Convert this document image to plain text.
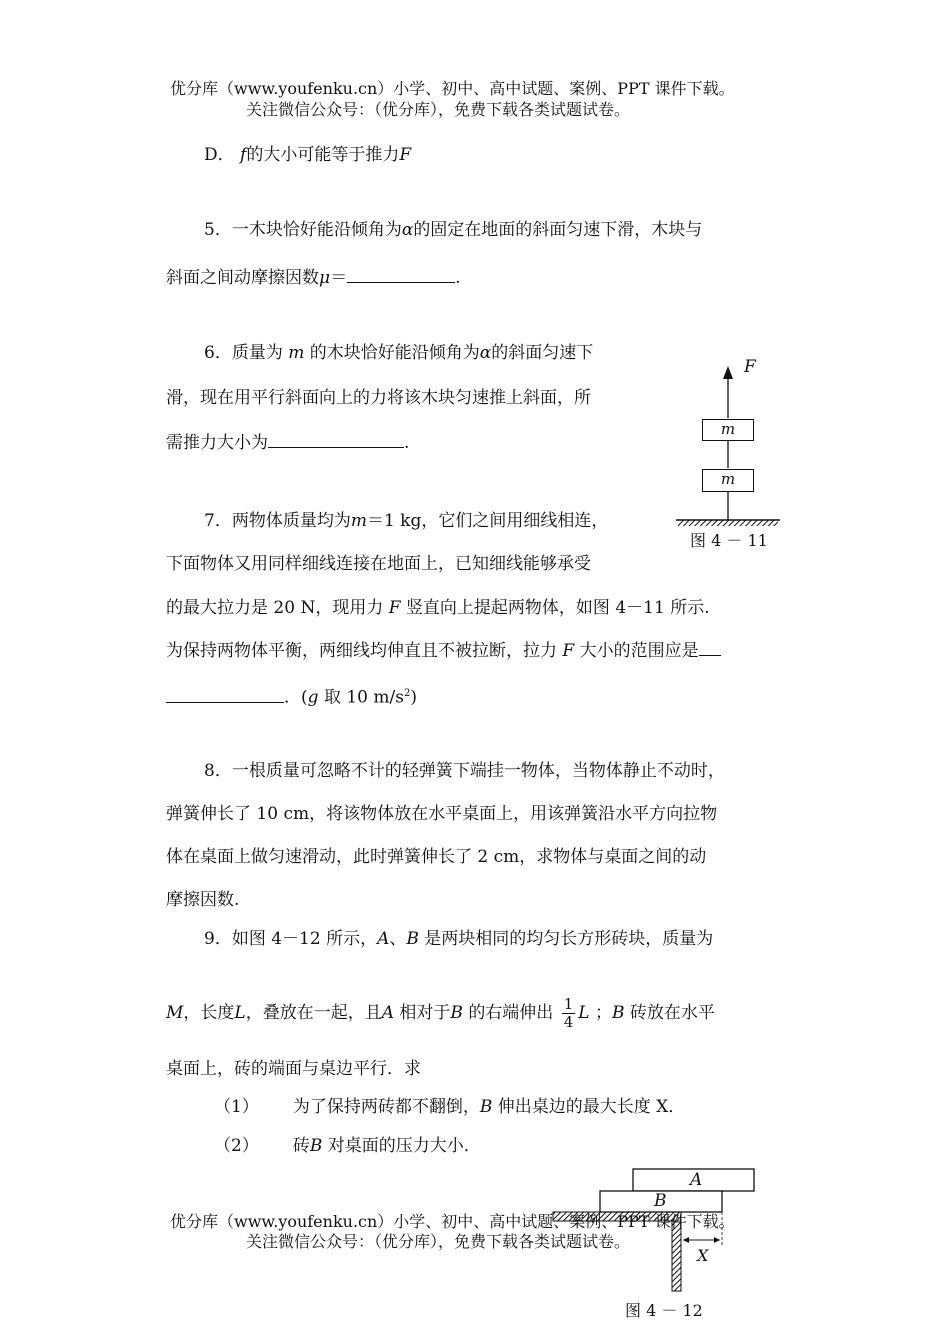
优分库（www.youfenku.cn）小学、初中、高中试题、案例、PPT 课件下载。
关注微信公众号：（优分库），免费下载各类试题试卷。
D． f的大小可能等于推力F
5．一木块恰好能沿倾角为α的固定在地面的斜面匀速下滑，木块与
斜面之间动摩擦因数μ＝	.
6．质量为 m 的木块恰好能沿倾角为α的斜面匀速下
滑，现在用平行斜面向上的力将该木块匀速推上斜面，所
需推力大小为	.
F
m
m
图 4 － 11
7．两物体质量均为m＝1 kg，它们之间用细线相连，
下面物体又用同样细线连接在地面上，已知细线能够承受
的最大拉力是 20 N，现用力 F 竖直向上提起两物体，如图 4－11 所示.
为保持两物体平衡，两细线均伸直且不被拉断，拉力 F 大小的范围应是
．(g 取 10 $m/s^2$)
8．一根质量可忽略不计的轻弹簧下端挂一物体，当物体静止不动时，
弹簧伸长了 10 cm，将该物体放在水平桌面上，用该弹簧沿水平方向拉物
体在桌面上做匀速滑动，此时弹簧伸长了 2 cm，求物体与桌面之间的动
摩擦因数.
9．如图 4－12 所示，A、B 是两块相同的均匀长方形砖块，质量为
M，长度L，叠放在一起，且A 相对于B 的右端伸出 $\frac{1}{4}$ L ；B 砖放在水平
桌面上，砖的端面与桌边平行．求
（1） 为了保持两砖都不翻倒，B 伸出桌边的最大长度 X．
（2） 砖B 对桌面的压力大小．
A
B
X
优分库（www.youfenku.cn）小学、初中、高中试题、案例、PPT 课件下载。
关注微信公众号：（优分库），免费下载各类试题试卷。
图 4 － 12
